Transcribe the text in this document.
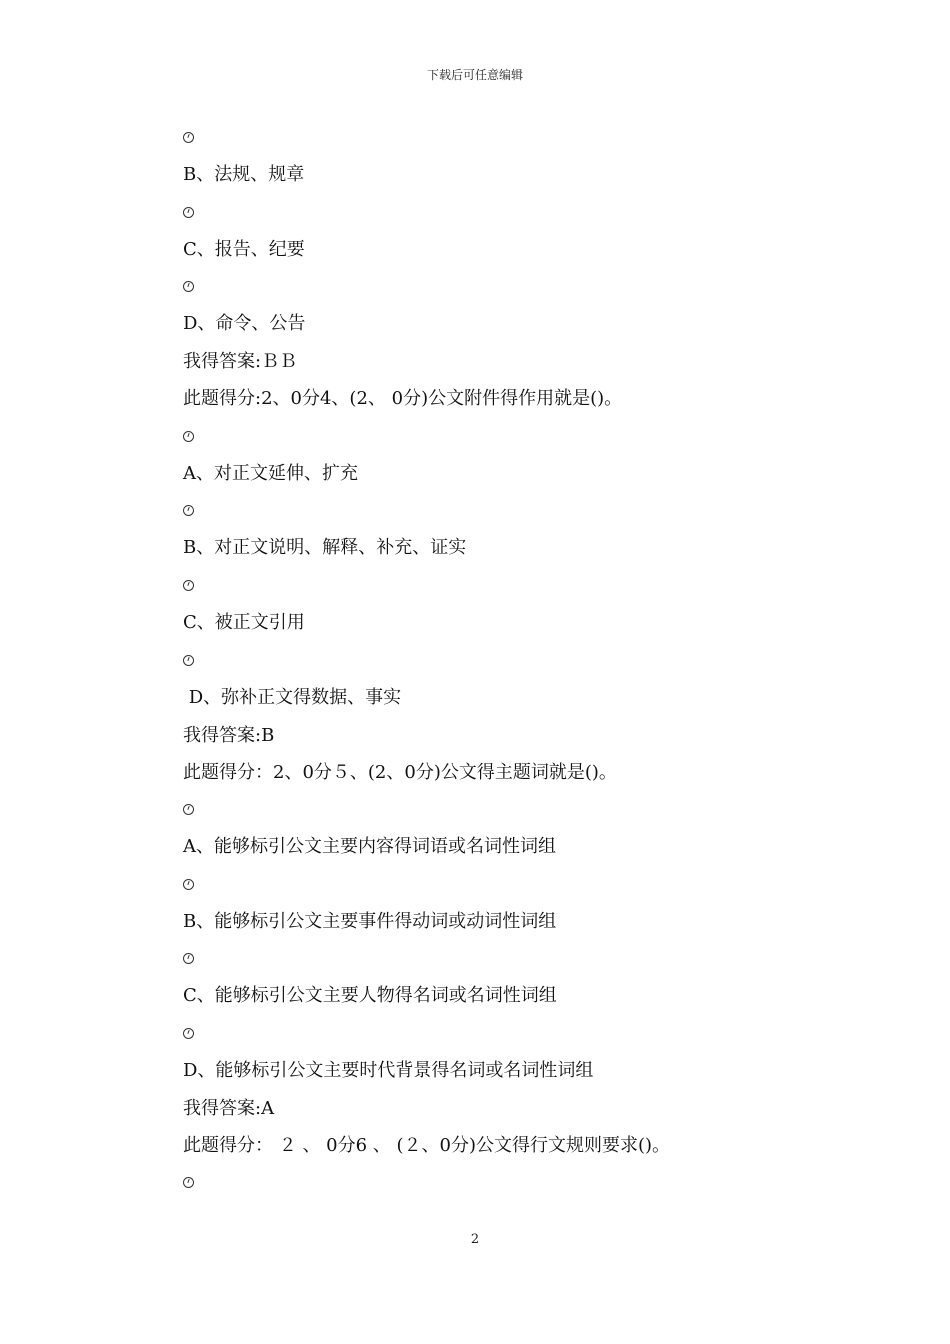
下载后可任意编辑
B、法规、规章
C、报告、纪要
D、命令、公告
我得答案:ＢＢ
此题得分:2、0分4、(2、 0分)公文附件得作用就是()。
A、对正文延伸、扩充
B、对正文说明、解释、补充、证实
C、被正文引用
D、弥补正文得数据、事实
我得答案:B
此题得分：2、0分５、(2、0分)公文得主题词就是()。
A、能够标引公文主要内容得词语或名词性词组
B、能够标引公文主要事件得动词或动词性词组
C、能够标引公文主要人物得名词或名词性词组
D、能够标引公文主要时代背景得名词或名词性词组
我得答案:A
此题得分： ２ 、 0分6 、 (２、0分)公文得行文规则要求()。
2
